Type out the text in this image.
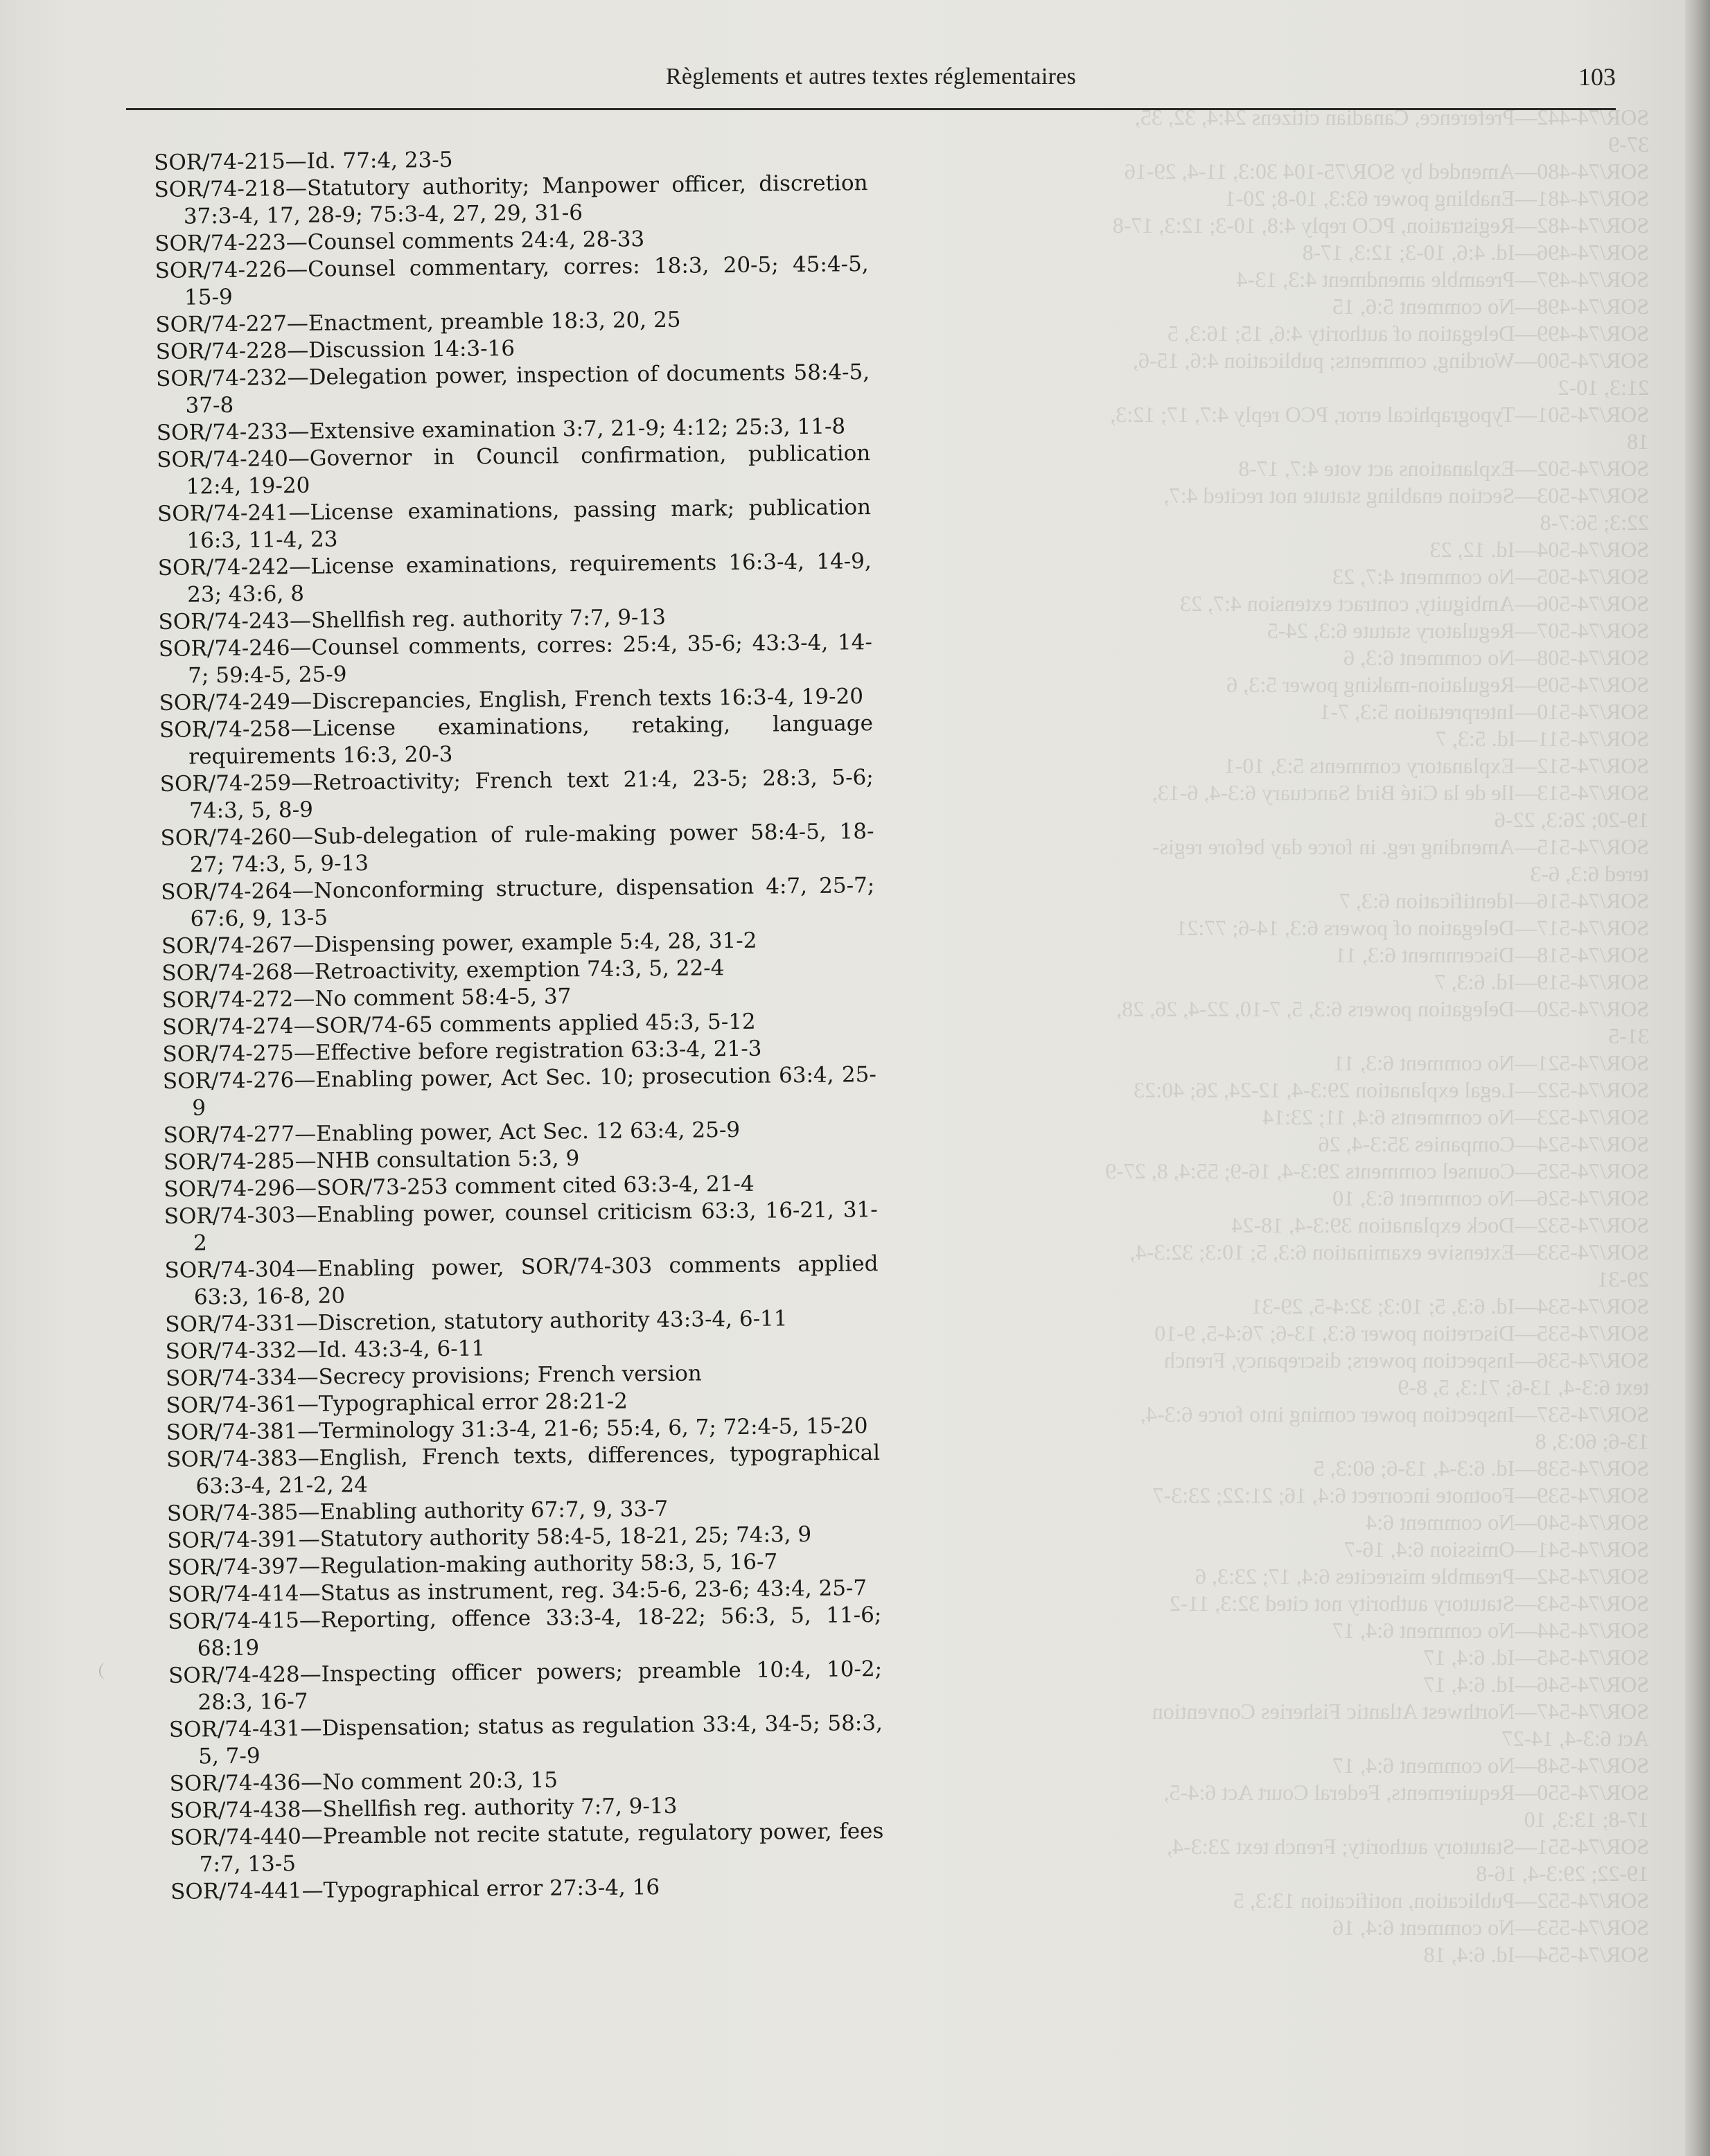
SOR/74-442—Preference, Canadian citizens 24:4, 32, 35,
37-9
SOR/74-480—Amended by SOR/75-104 30:3, 11-4, 29-16
SOR/74-481—Enabling power 63:3, 10-8; 20-1
SOR/74-482—Registration, PCO reply 4:8, 10-3; 12:3, 17-8
SOR/74-496—Id. 4:6, 10-3; 12:3, 17-8
SOR/74-497—Preamble amendment 4:3, 13-4
SOR/74-498—No comment 5:6, 15
SOR/74-499—Delegation of authority 4:6, 15; 16:3, 5
SOR/74-500—Wording, comments; publication 4:6, 15-6,
21:3, 10-2
SOR/74-501—Typographical error, PCO reply 4:7, 17; 12:3,
18
SOR/74-502—Explanations act vote 4:7, 17-8
SOR/74-503—Section enabling statute not recited 4:7,
22:3; 56:7-8
SOR/74-504—Id. 12, 23
SOR/74-505—No comment 4:7, 23
SOR/74-506—Ambiguity, contract extension 4:7, 23
SOR/74-507—Regulatory statute 6:3, 24-5
SOR/74-508—No comment 6:3, 6
SOR/74-509—Regulation-making power 5:3, 6
SOR/74-510—Interpretation 5:3, 7-1
SOR/74-511—Id. 5:3, 7
SOR/74-512—Explanatory comments 5:3, 10-1
SOR/74-513—Ile de la Cité Bird Sanctuary 6:3-4, 6-13,
19-20; 26:3, 22-6
SOR/74-515—Amending reg. in force day before regis-
tered 6:3, 6-3
SOR/74-516—Identification 6:3, 7
SOR/74-517—Delegation of powers 6:3, 14-6; 77:21
SOR/74-518—Discernment 6:3, 11
SOR/74-519—Id. 6:3, 7
SOR/74-520—Delegation powers 6:3, 5, 7-10, 22-4, 26, 28,
31-5
SOR/74-521—No comment 6:3, 11
SOR/74-522—Legal explanation 29:3-4, 12-24, 26; 40:23
SOR/74-523—No comments 6:4, 11; 23:14
SOR/74-524—Companies 35:3-4, 26
SOR/74-525—Counsel comments 29:3-4, 16-9; 55:4, 8, 27-9
SOR/74-526—No comment 6:3, 10
SOR/74-532—Dock explanation 39:3-4, 18-24
SOR/74-533—Extensive examination 6:3, 5; 10:3; 32:3-4,
29-31
SOR/74-534—Id. 6:3, 5; 10:3; 32:4-5, 29-31
SOR/74-535—Discretion power 6:3, 13-6; 76:4-5, 9-10
SOR/74-536—Inspection powers; discrepancy, French
text 6:3-4, 13-6; 71:3, 5, 8-9
SOR/74-537—Inspection power coming into force 6:3-4,
13-6; 60:3, 8
SOR/74-538—Id. 6:3-4, 13-6; 60:3, 5
SOR/74-539—Footnote incorrect 6:4, 16; 21:22; 23:3-7
SOR/74-540—No comment 6:4
SOR/74-541—Omission 6:4, 16-7
SOR/74-542—Preamble misrecites 6:4, 17; 23:3, 6
SOR/74-543—Statutory authority not cited 32:3, 11-2
SOR/74-544—No comment 6:4, 17
SOR/74-545—Id. 6:4, 17
SOR/74-546—Id. 6:4, 17
SOR/74-547—Northwest Atlantic Fisheries Convention
Act 6:3-4, 14-27
SOR/74-548—No comment 6:4, 17
SOR/74-550—Requirements, Federal Court Act 6:4-5,
17-8; 13:3, 10
SOR/74-551—Statutory authority; French text 23:3-4,
19-22; 29:3-4, 16-8
SOR/74-552—Publication, notification 13:3, 5
SOR/74-553—No comment 6:4, 16
SOR/74-554—Id. 6:4, 18
Règlements et autres textes réglementaires	103

SOR/74-215—Id. 77:4, 23-5

SOR/74-218—Statutory authority; Manpower officer, discretion 37:3-4, 17, 28-9; 75:3-4, 27, 29, 31-6

SOR/74-223—Counsel comments 24:4, 28-33

SOR/74-226—Counsel commentary, corres: 18:3, 20-5; 45:4-5, 15-9

SOR/74-227—Enactment, preamble 18:3, 20, 25

SOR/74-228—Discussion 14:3-16

SOR/74-232—Delegation power, inspection of documents 58:4-5, 37-8

SOR/74-233—Extensive examination 3:7, 21-9; 4:12; 25:3, 11-8

SOR/74-240—Governor in Council confirmation, publication 12:4, 19-20

SOR/74-241—License examinations, passing mark; publication 16:3, 11-4, 23

SOR/74-242—License examinations, requirements 16:3-4, 14-9, 23; 43:6, 8

SOR/74-243—Shellfish reg. authority 7:7, 9-13

SOR/74-246—Counsel comments, corres: 25:4, 35-6; 43:3-4, 14-7; 59:4-5, 25-9

SOR/74-249—Discrepancies, English, French texts 16:3-4, 19-20

SOR/74-258—License examinations, retaking, language requirements 16:3, 20-3

SOR/74-259—Retroactivity; French text 21:4, 23-5; 28:3, 5-6; 74:3, 5, 8-9

SOR/74-260—Sub-delegation of rule-making power 58:4-5, 18-27; 74:3, 5, 9-13

SOR/74-264—Nonconforming structure, dispensation 4:7, 25-7; 67:6, 9, 13-5

SOR/74-267—Dispensing power, example 5:4, 28, 31-2

SOR/74-268—Retroactivity, exemption 74:3, 5, 22-4

SOR/74-272—No comment 58:4-5, 37

SOR/74-274—SOR/74-65 comments applied 45:3, 5-12

SOR/74-275—Effective before registration 63:3-4, 21-3

SOR/74-276—Enabling power, Act Sec. 10; prosecution 63:4, 25-9

SOR/74-277—Enabling power, Act Sec. 12 63:4, 25-9

SOR/74-285—NHB consultation 5:3, 9

SOR/74-296—SOR/73-253 comment cited 63:3-4, 21-4

SOR/74-303—Enabling power, counsel criticism 63:3, 16-21, 31-2

SOR/74-304—Enabling power, SOR/74-303 comments applied 63:3, 16-8, 20

SOR/74-331—Discretion, statutory authority 43:3-4, 6-11

SOR/74-332—Id. 43:3-4, 6-11

SOR/74-334—Secrecy provisions; French version

SOR/74-361—Typographical error 28:21-2

SOR/74-381—Terminology 31:3-4, 21-6; 55:4, 6, 7; 72:4-5, 15-20

SOR/74-383—English, French texts, differences, typographical 63:3-4, 21-2, 24

SOR/74-385—Enabling authority 67:7, 9, 33-7

SOR/74-391—Statutory authority 58:4-5, 18-21, 25; 74:3, 9

SOR/74-397—Regulation-making authority 58:3, 5, 16-7

SOR/74-414—Status as instrument, reg. 34:5-6, 23-6; 43:4, 25-7

SOR/74-415—Reporting, offence 33:3-4, 18-22; 56:3, 5, 11-6; 68:19

SOR/74-428—Inspecting officer powers; preamble 10:4, 10-2; 28:3, 16-7

SOR/74-431—Dispensation; status as regulation 33:4, 34-5; 58:3, 5, 7-9

SOR/74-436—No comment 20:3, 15

SOR/74-438—Shellfish reg. authority 7:7, 9-13

SOR/74-440—Preamble not recite statute, regulatory power, fees 7:7, 13-5

SOR/74-441—Typographical error 27:3-4, 16
